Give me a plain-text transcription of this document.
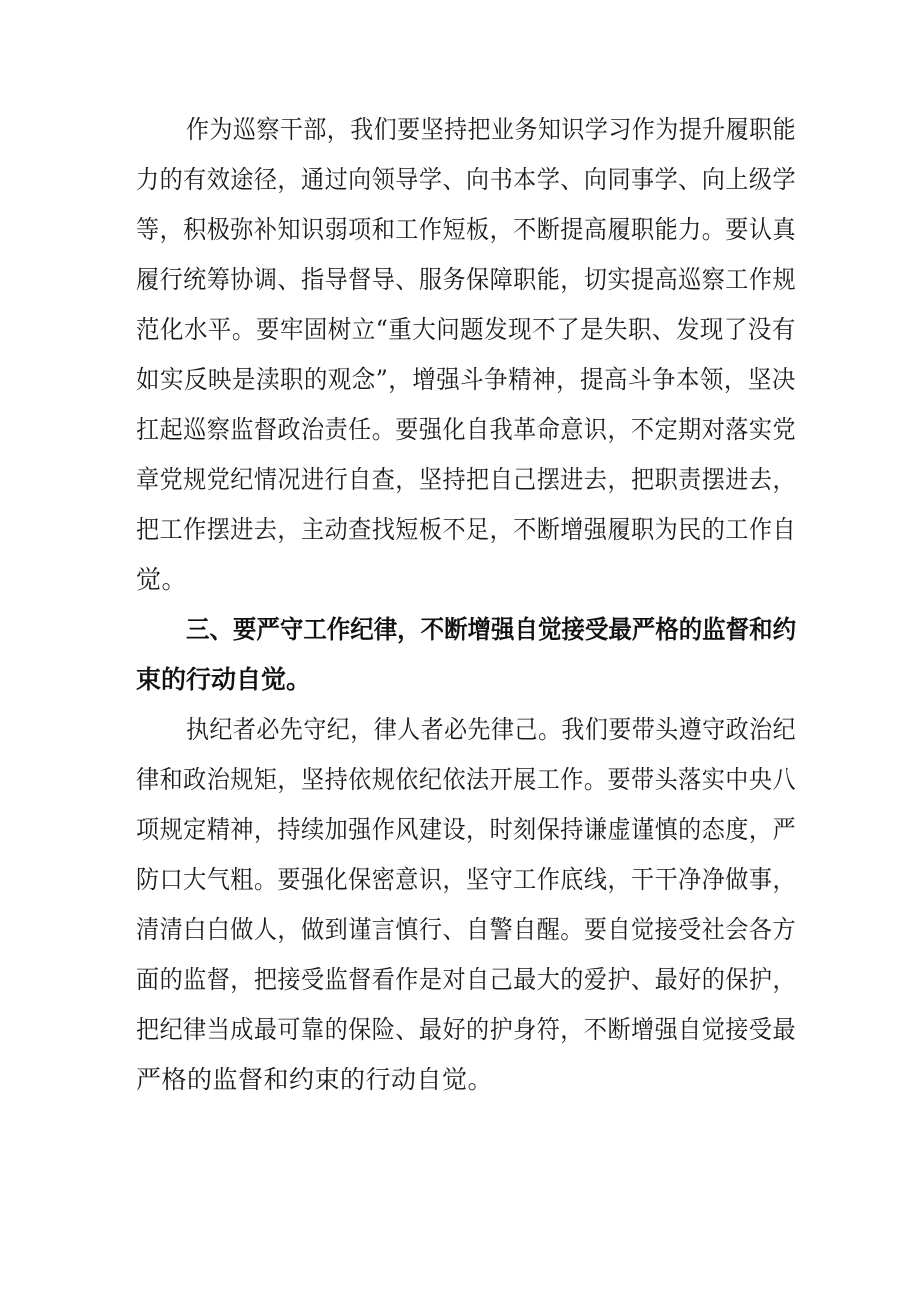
作为巡察干部，我们要坚持把业务知识学习作为提升履职能
力的有效途径，通过向领导学、向书本学、向同事学、向上级学
等，积极弥补知识弱项和工作短板，不断提高履职能力。要认真
履行统筹协调、指导督导、服务保障职能，切实提高巡察工作规
范化水平。要牢固树立“重大问题发现不了是失职、发现了没有
如实反映是渎职的观念”，增强斗争精神，提高斗争本领，坚决
扛起巡察监督政治责任。要强化自我革命意识，不定期对落实党
章党规党纪情况进行自查，坚持把自己摆进去，把职责摆进去，
把工作摆进去，主动查找短板不足，不断增强履职为民的工作自
觉。
三、要严守工作纪律，不断增强自觉接受最严格的监督和约
束的行动自觉。
执纪者必先守纪，律人者必先律己。我们要带头遵守政治纪
律和政治规矩，坚持依规依纪依法开展工作。要带头落实中央八
项规定精神，持续加强作风建设，时刻保持谦虚谨慎的态度，严
防口大气粗。要强化保密意识，坚守工作底线，干干净净做事，
清清白白做人，做到谨言慎行、自警自醒。要自觉接受社会各方
面的监督，把接受监督看作是对自己最大的爱护、最好的保护，
把纪律当成最可靠的保险、最好的护身符，不断增强自觉接受最
严格的监督和约束的行动自觉。
